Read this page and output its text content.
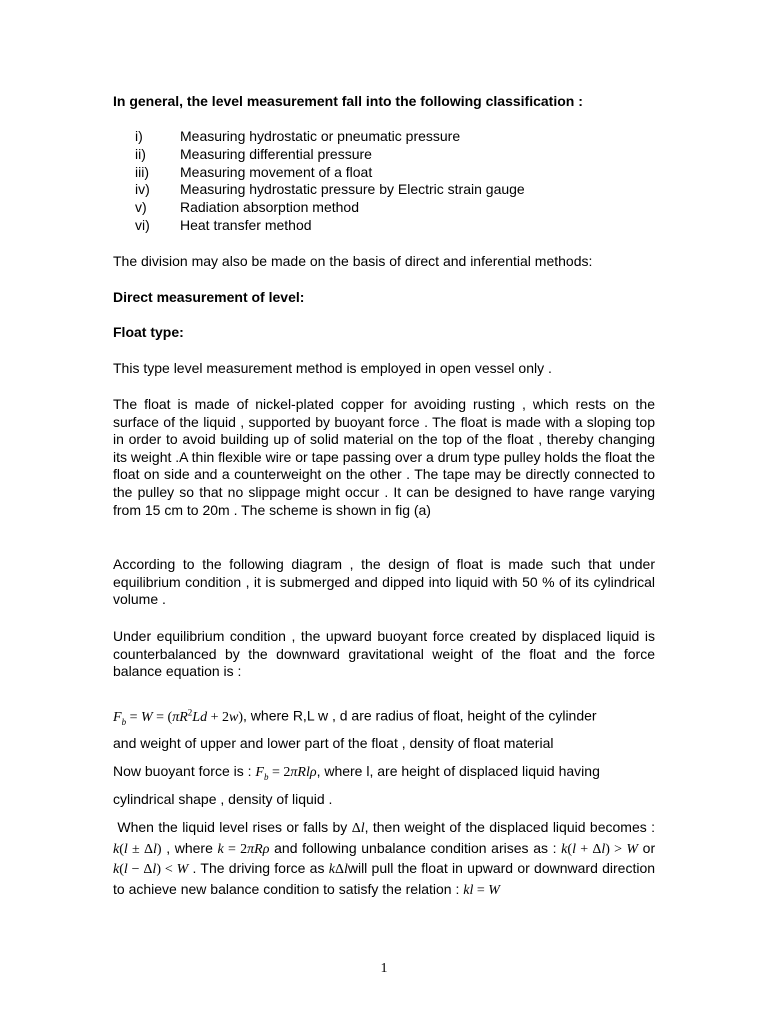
In general, the level measurement fall into the following classification :

i)	Measuring hydrostatic or pneumatic pressure
ii) Measuring differential pressure
iii) Measuring movement of a float
iv) Measuring hydrostatic pressure by Electric strain gauge
v) Radiation absorption method
vi) Heat transfer method

The division may also be made on the basis of direct and inferential methods:

Direct measurement of level:

Float type:

This type level measurement method is employed in open vessel only .

The float is made of nickel-plated copper for avoiding rusting , which rests on the surface of the liquid , supported by buoyant force . The float is made with a sloping top in order to avoid building up of solid material on the top of the float , thereby changing its weight .A thin flexible wire or tape passing over a drum type pulley holds the float the float on side and a counterweight on the other . The tape may be directly connected to the pulley so that no slippage might occur . It can be designed to have range varying from 15 cm to 20m . The scheme is shown in fig (a)

According to the following diagram , the design of float is made such that under equilibrium condition , it is submerged and dipped into liquid with 50 % of its cylindrical volume .

Under equilibrium condition , the upward buoyant force created by displaced liquid is counterbalanced by the downward gravitational weight of the float and the force balance equation is :

$F_b = W = (\pi R^2Ld + 2w)$, where R,L w , d are radius of float, height of the cylinder
and weight of upper and lower part of the float , density of float material

Now buoyant force is : $F_b = 2\pi Rl\rho$, where l, are height of displaced liquid having
cylindrical shape , density of liquid .

When the liquid level rises or falls by Δl, then weight of the displaced liquid becomes : k(l ± Δl) , where k = 2πRρ and following unbalance condition arises as : k(l + Δl) > W or k(l − Δl) < W . The driving force as kΔlwill pull the float in upward or downward direction to achieve new balance condition to satisfy the relation : kl = W

1
